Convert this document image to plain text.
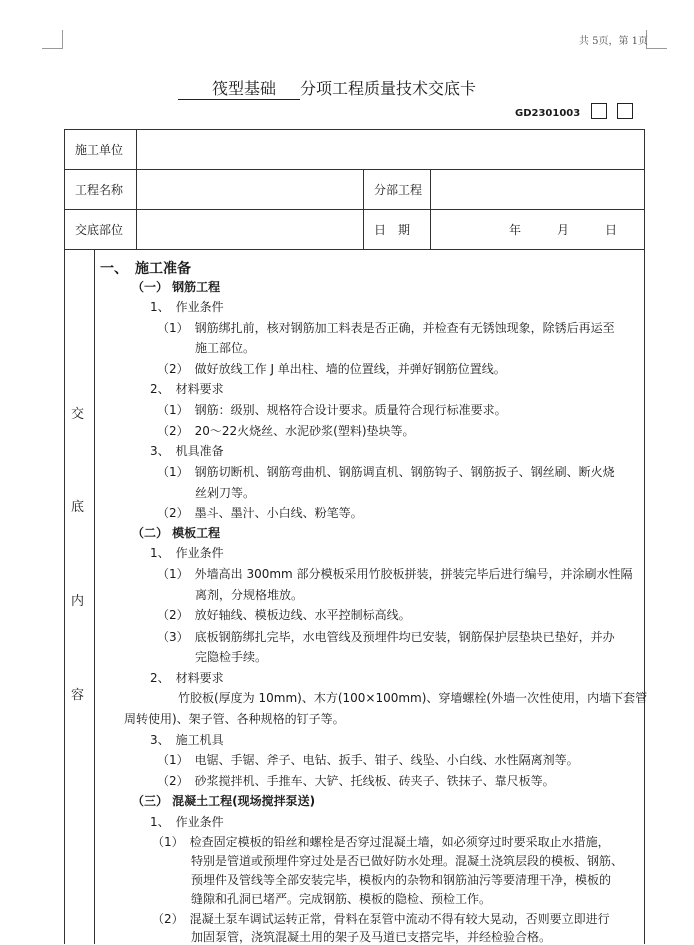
共 5页，第 1页
筏型基础 分项工程质量技术交底卡
GD2301003
施工单位			
工程名称		分部工程	
交底部位		日　期	年 月 日
交
底
内
容
一、　施工准备
（一） 钢筋工程
1、　作业条件
（1）　钢筋绑扎前，核对钢筋加工料表是否正确，并检查有无锈蚀现象，除锈后再运至
施工部位。
（2）　做好放线工作 J 单出柱、墙的位置线，并弹好钢筋位置线。
2、　材料要求
（1）　钢筋：级别、规格符合设计要求。质量符合现行标准要求。
（2）　20～22火烧丝、水泥砂浆(塑料)垫块等。
3、　机具准备
（1）　钢筋切断机、钢筋弯曲机、钢筋调直机、钢筋钩子、钢筋扳子、钢丝刷、断火烧
丝剁刀等。
（2）　墨斗、墨汁、小白线、粉笔等。
（二） 模板工程
1、　作业条件
（1）　外墙高出 300mm 部分模板采用竹胶板拼装，拼装完毕后进行编号，并涂刷水性隔
离剂，分规格堆放。
（2）　放好轴线、模板边线、水平控制标高线。
（3）　底板钢筋绑扎完毕，水电管线及预埋件均已安装，钢筋保护层垫块已垫好，并办
完隐检手续。
2、　材料要求
竹胶板(厚度为 10mm)、木方(100×100mm)、穿墙螺栓(外墙一次性使用，内墙下套管
周转使用)、架子管、各种规格的钉子等。
3、　施工机具
（1）　电锯、手锯、斧子、电钻、扳手、钳子、线坠、小白线、水性隔离剂等。
（2）　砂浆搅拌机、手推车、大铲、托线板、砖夹子、铁抹子、靠尺板等。
（三） 混凝土工程(现场搅拌泵送)
1、　作业条件
（1）　检查固定模板的铅丝和螺栓是否穿过混凝土墙，如必须穿过时要采取止水措施，
特别是管道或预埋件穿过处是否已做好防水处理。混凝土浇筑层段的模板、钢筋、
预埋件及管线等全部安装完毕，模板内的杂物和钢筋油污等要清理干净，模板的
缝隙和孔洞已堵严。完成钢筋、模板的隐检、预检工作。
（2）　混凝土泵车调试运转正常，骨料在泵管中流动不得有较大晃动，否则要立即进行
加固泵管，浇筑混凝土用的架子及马道已支搭完毕，并经检验合格。
